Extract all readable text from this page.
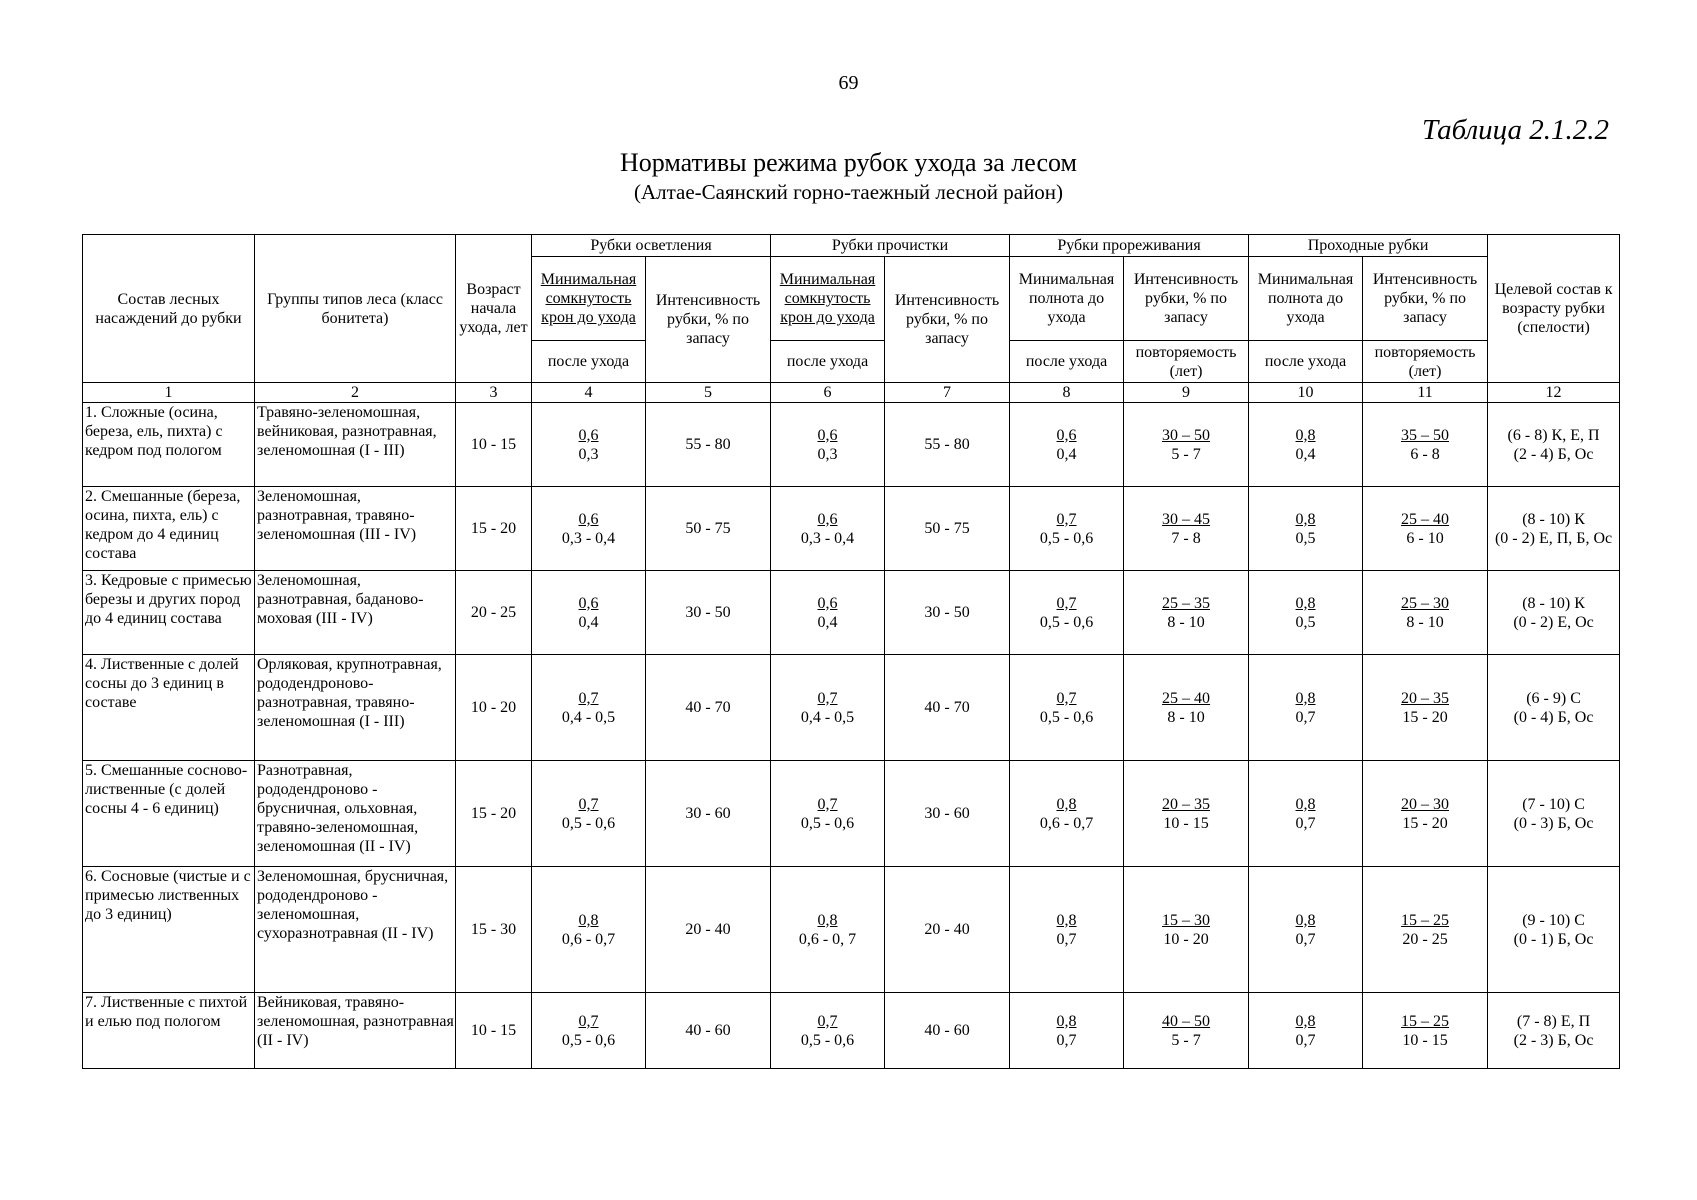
69
Таблица 2.1.2.2
Нормативы режима рубок ухода за лесом
(Алтае-Саянский горно-таежный лесной район)
Состав лесных насаждений до рубки	Группы типов леса (класс бонитета)	Возраст начала ухода, лет	Рубки осветления		Рубки прочистки		Рубки прореживания		Проходные рубки		Целевой состав к возрасту рубки (спелости)
			Минимальная сомкнутость крон до ухода	Интенсивность рубки, % по запасу	Минимальная сомкнутость крон до ухода	Интенсивность рубки, % по запасу	Минимальная полнота до ухода	Интенсивность рубки, % по запасу	Минимальная полнота до ухода	Интенсивность рубки, % по запасу	
			после ухода		после ухода		после ухода	повторяемость (лет)	после ухода	повторяемость (лет)	
1	2	3	4	5	6	7	8	9	10	11	12
1. Сложные (осина, береза, ель, пихта) с кедром под пологом	Травяно-зеленомошная, вейниковая, разнотравная, зеленомошная (I - III)	10 - 15	$\frac{0,6}{0,3}$	55 - 80	$\frac{0,6}{0,3}$	55 - 80	$\frac{0,6}{0,4}$	$\frac{30 - 50}{5 - 7}$	$\frac{0,8}{0,4}$	$\frac{35 - 50}{6 - 8}$	(6 - 8) К, Е, П
(2 - 4) Б, Ос

2. Смешанные (береза, осина, пихта, ель) с кедром до 4 единиц состава	Зеленомошная, разнотравная, травяно-зеленомошная (III - IV)	15 - 20	$\frac{0,6}{0,3 - 0,4}$	50 - 75	$\frac{0,6}{0,3 - 0,4}$	50 - 75	$\frac{0,7}{0,5 - 0,6}$	$\frac{30 - 45}{7 - 8}$	$\frac{0,8}{0,5}$	$\frac{25 - 40}{6 - 10}$	(8 - 10) К
(0 - 2) Е, П, Б, Ос

3. Кедровые с примесью березы и других пород до 4 единиц состава	Зеленомошная, разнотравная, баданово-моховая (III - IV)	20 - 25	$\frac{0,6}{0,4}$	30 - 50	$\frac{0,6}{0,4}$	30 - 50	$\frac{0,7}{0,5 - 0,6}$	$\frac{25 - 35}{8 - 10}$	$\frac{0,8}{0,5}$	$\frac{25 - 30}{8 - 10}$	(8 - 10) К
(0 - 2) Е, Ос

4. Лиственные с долей сосны до 3 единиц в составе	Орляковая, крупнотравная, рододендроново-разнотравная, травяно-зеленомошная (I - III)	10 - 20	$\frac{0,7}{0,4 - 0,5}$	40 - 70	$\frac{0,7}{0,4 - 0,5}$	40 - 70	$\frac{0,7}{0,5 - 0,6}$	$\frac{25 - 40}{8 - 10}$	$\frac{0,8}{0,7}$	$\frac{20 - 35}{15 - 20}$	(6 - 9) С
(0 - 4) Б, Ос

5. Смешанные сосново-лиственные (с долей сосны 4 - 6 единиц)	Разнотравная, рододендроново - брусничная, ольховная, травяно-зеленомошная, зеленомошная (II - IV)	15 - 20	$\frac{0,7}{0,5 - 0,6}$	30 - 60	$\frac{0,7}{0,5 - 0,6}$	30 - 60	$\frac{0,8}{0,6 - 0,7}$	$\frac{20 - 35}{10 - 15}$	$\frac{0,8}{0,7}$	$\frac{20 - 30}{15 - 20}$	(7 - 10) С
(0 - 3) Б, Ос

6. Сосновые (чистые и с примесью лиственных до 3 единиц)	Зеленомошная, брусничная, рододендроново - зеленомошная, сухоразнотравная (II - IV)	15 - 30	$\frac{0,8}{0,6 - 0,7}$	20 - 40	$\frac{0,8}{0,6 - 0, 7}$	20 - 40	$\frac{0,8}{0,7}$	$\frac{15 - 30}{10 - 20}$	$\frac{0,8}{0,7}$	$\frac{15 - 25}{20 - 25}$	(9 - 10) С
(0 - 1) Б, Ос

7. Лиственные с пихтой и елью под пологом	Вейниковая, травяно-зеленомошная, разнотравная (II - IV)	10 - 15	$\frac{0,7}{0,5 - 0,6}$	40 - 60	$\frac{0,7}{0,5 - 0,6}$	40 - 60	$\frac{0,8}{0,7}$	$\frac{40 - 50}{5 - 7}$	$\frac{0,8}{0,7}$	$\frac{15 - 25}{10 - 15}$	(7 - 8) Е, П
(2 - 3) Б, Ос
